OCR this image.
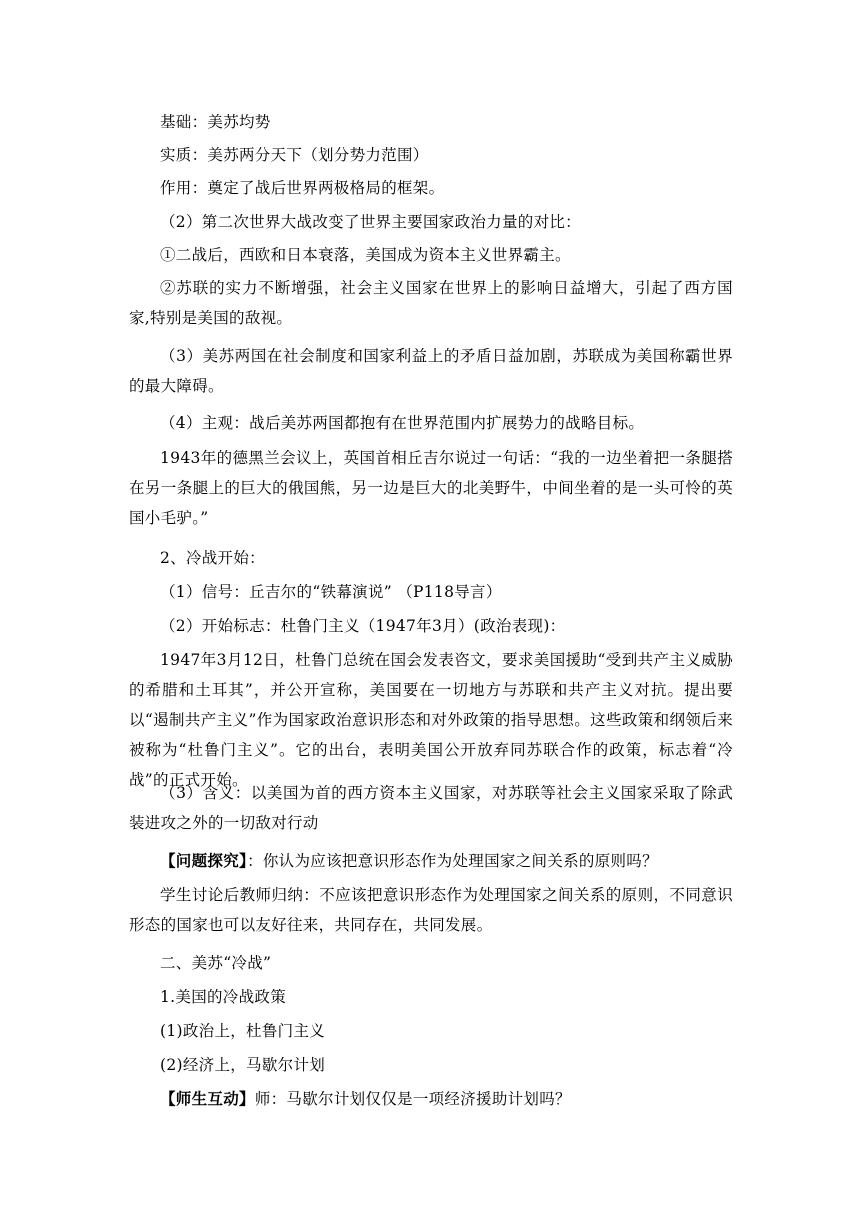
基础：美苏均势

实质：美苏两分天下（划分势力范围）

作用：奠定了战后世界两极格局的框架。

（2）第二次世界大战改变了世界主要国家政治力量的对比：

①二战后，西欧和日本衰落，美国成为资本主义世界霸主。

②苏联的实力不断增强，社会主义国家在世界上的影响日益增大，引起了西方国家,特别是美国的敌视。

（3）美苏两国在社会制度和国家利益上的矛盾日益加剧，苏联成为美国称霸世界的最大障碍。

（4）主观：战后美苏两国都抱有在世界范围内扩展势力的战略目标。

1943年的德黑兰会议上，英国首相丘吉尔说过一句话：“我的一边坐着把一条腿搭在另一条腿上的巨大的俄国熊，另一边是巨大的北美野牛，中间坐着的是一头可怜的英国小毛驴。”

2、冷战开始：

（1）信号：丘吉尔的“铁幕演说” （P118导言）

（2）开始标志：杜鲁门主义（1947年3月）(政治表现)：

1947年3月12日，杜鲁门总统在国会发表咨文，要求美国援助“受到共产主义威胁的希腊和土耳其”，并公开宣称，美国要在一切地方与苏联和共产主义对抗。提出要以“遏制共产主义”作为国家政治意识形态和对外政策的指导思想。这些政策和纲领后来被称为“杜鲁门主义”。它的出台，表明美国公开放弃同苏联合作的政策，标志着“冷战”的正式开始。

（3）含义：以美国为首的西方资本主义国家，对苏联等社会主义国家采取了除武装进攻之外的一切敌对行动

【问题探究】：你认为应该把意识形态作为处理国家之间关系的原则吗？

学生讨论后教师归纳：不应该把意识形态作为处理国家之间关系的原则，不同意识形态的国家也可以友好往来，共同存在，共同发展。

二、美苏“冷战”

1.美国的冷战政策

(1)政治上，杜鲁门主义

(2)经济上，马歇尔计划

【师生互动】师：马歇尔计划仅仅是一项经济援助计划吗？
